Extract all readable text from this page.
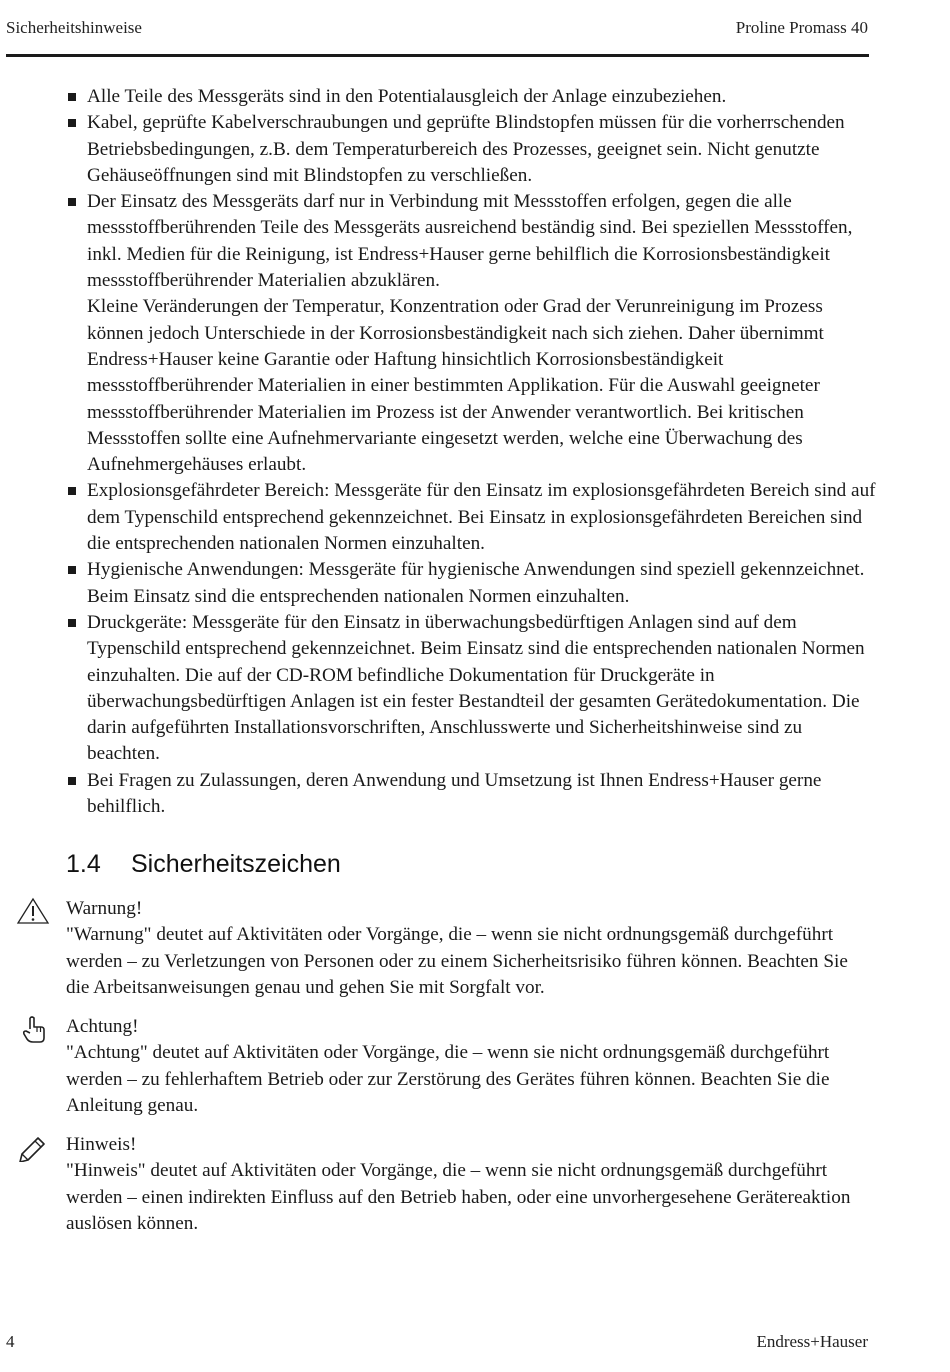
Sicherheitshinweise	Proline Promass 40
Alle Teile des Messgeräts sind in den Potentialausgleich der Anlage einzubeziehen.
Kabel, geprüfte Kabelverschraubungen und geprüfte Blindstopfen müssen für die vorherrschenden Betriebsbedingungen, z.B. dem Temperaturbereich des Prozesses, geeignet sein. Nicht genutzte Gehäuseöffnungen sind mit Blindstopfen zu verschließen.
Der Einsatz des Messgeräts darf nur in Verbindung mit Messstoffen erfolgen, gegen die alle messstoffberührenden Teile des Messgeräts ausreichend beständig sind. Bei speziellen Messstoffen, inkl. Medien für die Reinigung, ist Endress+Hauser gerne behilflich die Korrosionsbeständigkeit messstoffberührender Materialien abzuklären.
Kleine Veränderungen der Temperatur, Konzentration oder Grad der Verunreinigung im Prozess können jedoch Unterschiede in der Korrosionsbeständigkeit nach sich ziehen. Daher übernimmt Endress+Hauser keine Garantie oder Haftung hinsichtlich Korrosionsbeständigkeit messstoffberührender Materialien in einer bestimmten Applikation. Für die Auswahl geeigneter messstoffberührender Materialien im Prozess ist der Anwender verantwortlich. Bei kritischen Messstoffen sollte eine Aufnehmervariante eingesetzt werden, welche eine Überwachung des Aufnehmergehäuses erlaubt.
Explosionsgefährdeter Bereich: Messgeräte für den Einsatz im explosionsgefährdeten Bereich sind auf dem Typenschild entsprechend gekennzeichnet. Bei Einsatz in explosionsgefährdeten Bereichen sind die entsprechenden nationalen Normen einzuhalten.
Hygienische Anwendungen: Messgeräte für hygienische Anwendungen sind speziell gekennzeichnet. Beim Einsatz sind die entsprechenden nationalen Normen einzuhalten.
Druckgeräte: Messgeräte für den Einsatz in überwachungsbedürftigen Anlagen sind auf dem Typenschild entsprechend gekennzeichnet. Beim Einsatz sind die entsprechenden nationalen Normen einzuhalten. Die auf der CD-ROM befindliche Dokumentation für Druckgeräte in überwachungsbedürftigen Anlagen ist ein fester Bestandteil der gesamten Gerätedokumentation. Die darin aufgeführten Installationsvorschriften, Anschlusswerte und Sicherheitshinweise sind zu beachten.
Bei Fragen zu Zulassungen, deren Anwendung und Umsetzung ist Ihnen Endress+Hauser gerne behilflich.
1.4 Sicherheitszeichen
Warnung!
"Warnung" deutet auf Aktivitäten oder Vorgänge, die – wenn sie nicht ordnungsgemäß durchgeführt werden – zu Verletzungen von Personen oder zu einem Sicherheitsrisiko führen können. Beachten Sie die Arbeitsanweisungen genau und gehen Sie mit Sorgfalt vor.
Achtung!
"Achtung" deutet auf Aktivitäten oder Vorgänge, die – wenn sie nicht ordnungsgemäß durchgeführt werden – zu fehlerhaftem Betrieb oder zur Zerstörung des Gerätes führen können. Beachten Sie die Anleitung genau.
Hinweis!
"Hinweis" deutet auf Aktivitäten oder Vorgänge, die – wenn sie nicht ordnungsgemäß durchgeführt werden – einen indirekten Einfluss auf den Betrieb haben, oder eine unvorhergesehene Gerätereaktion auslösen können.
4	Endress+Hauser
